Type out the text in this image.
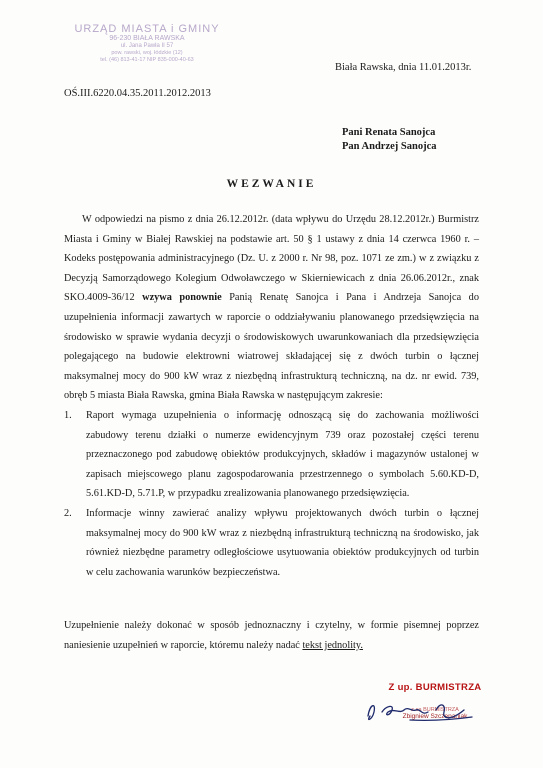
URZĄD MIASTA i GMINY
96-230 BIAŁA RAWSKA
ul. Jana Pawła II 57
pow. rawski, woj. łódzkie (12)
tel. (46) 813-41-17 NIP 835-000-40-63
Biała Rawska, dnia 11.01.2013r.
OŚ.III.6220.04.35.2011.2012.2013
Pani Renata Sanojca
Pan Andrzej Sanojca
WEZWANIE

W odpowiedzi na pismo z dnia 26.12.2012r. (data wpływu do Urzędu 28.12.2012r.) Burmistrz Miasta i Gminy w Białej Rawskiej na podstawie art. 50 § 1 ustawy z dnia 14 czerwca 1960 r. – Kodeks postępowania administracyjnego (Dz. U. z 2000 r. Nr 98, poz. 1071 ze zm.) w z związku z Decyzją Samorządowego Kolegium Odwoławczego w Skierniewicach z dnia 26.06.2012r., znak SKO.4009-36/12 wzywa ponownie Panią Renatę Sanojca i Pana i Andrzeja Sanojca do uzupełnienia informacji zawartych w raporcie o oddziaływaniu planowanego przedsięwzięcia na środowisko w sprawie wydania decyzji o środowiskowych uwarunkowaniach dla przedsięwzięcia polegającego na budowie elektrowni wiatrowej składającej się z dwóch turbin o łącznej maksymalnej mocy do 900 kW wraz z niezbędną infrastrukturą techniczną, na dz. nr ewid. 739, obręb 5 miasta Biała Rawska, gmina Biała Rawska w następującym zakresie:

1. Raport wymaga uzupełnienia o informację odnoszącą się do zachowania możliwości zabudowy terenu działki o numerze ewidencyjnym 739 oraz pozostałej części terenu przeznaczonego pod zabudowę obiektów produkcyjnych, składów i magazynów ustalonej w zapisach miejscowego planu zagospodarowania przestrzennego o symbolach 5.60.KD-D, 5.61.KD-D, 5.71.P, w przypadku zrealizowania planowanego przedsięwzięcia.
2. Informacje winny zawierać analizy wpływu projektowanych dwóch turbin o łącznej maksymalnej mocy do 900 kW wraz z niezbędną infrastrukturą techniczną na środowisko, jak również niezbędne parametry odległościowe usytuowania obiektów produkcyjnych od turbin w celu zachowania warunków bezpieczeństwa.
Uzupełnienie należy dokonać w sposób jednoznaczny i czytelny, w formie pisemnej poprzez naniesienie uzupełnień w raporcie, któremu należy nadać tekst jednolity.
Z up. BURMISTRZA
z-ca BURMISTRZA
Zbigniew Szczepaniak
